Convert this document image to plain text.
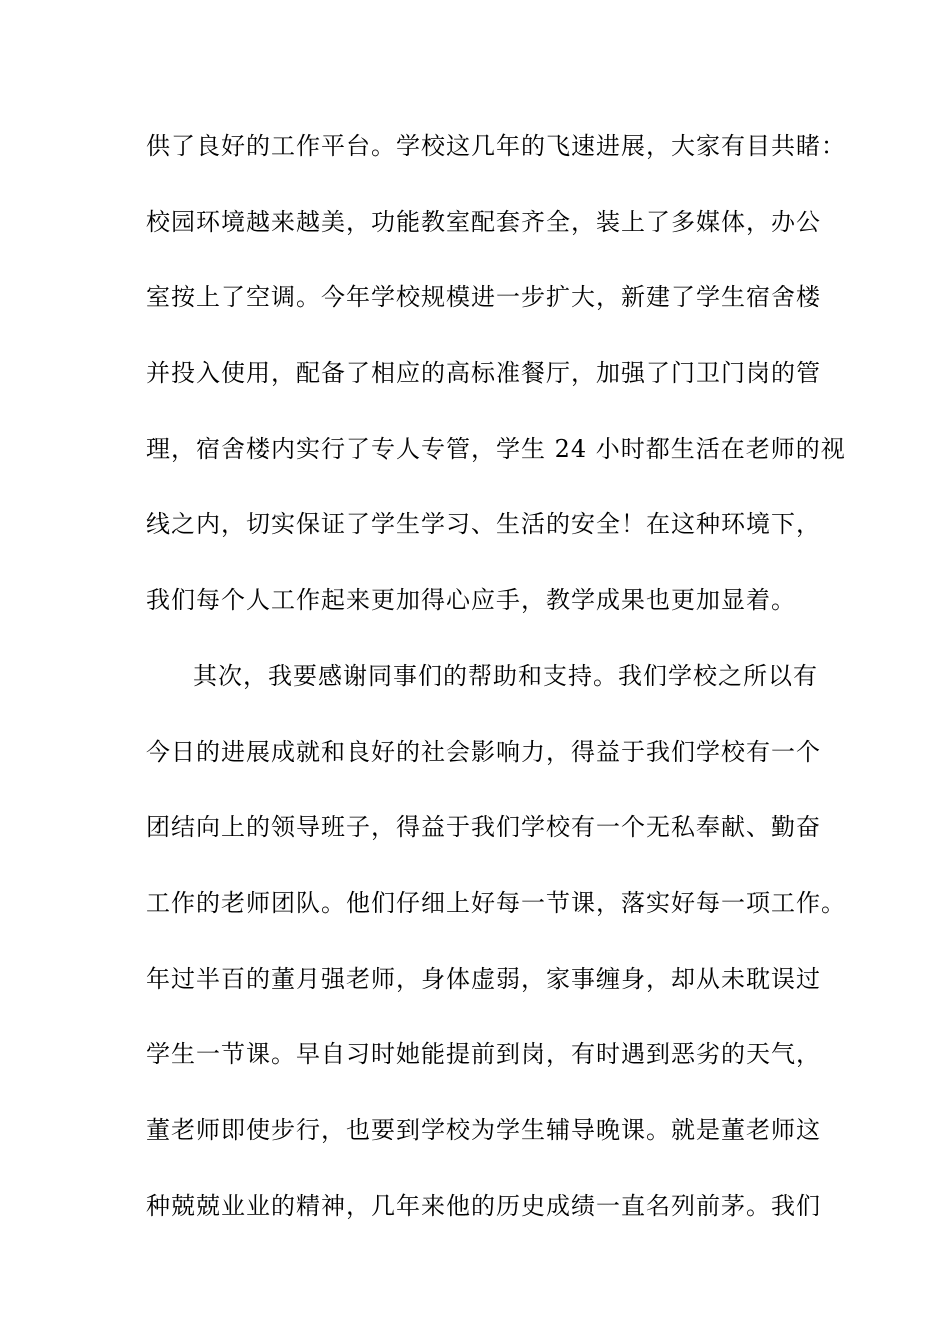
供了良好的工作平台。学校这几年的飞速进展，大家有目共睹：
校园环境越来越美，功能教室配套齐全，装上了多媒体，办公
室按上了空调。今年学校规模进一步扩大，新建了学生宿舍楼
并投入使用，配备了相应的高标准餐厅，加强了门卫门岗的管
理，宿舍楼内实行了专人专管，学生 24 小时都生活在老师的视
线之内，切实保证了学生学习、生活的安全！在这种环境下，
我们每个人工作起来更加得心应手，教学成果也更加显着。
其次，我要感谢同事们的帮助和支持。我们学校之所以有
今日的进展成就和良好的社会影响力，得益于我们学校有一个
团结向上的领导班子，得益于我们学校有一个无私奉献、勤奋
工作的老师团队。他们仔细上好每一节课，落实好每一项工作。
年过半百的董月强老师，身体虚弱，家事缠身，却从未耽误过
学生一节课。早自习时她能提前到岗，有时遇到恶劣的天气，
董老师即使步行，也要到学校为学生辅导晚课。就是董老师这
种兢兢业业的精神，几年来他的历史成绩一直名列前茅。我们
